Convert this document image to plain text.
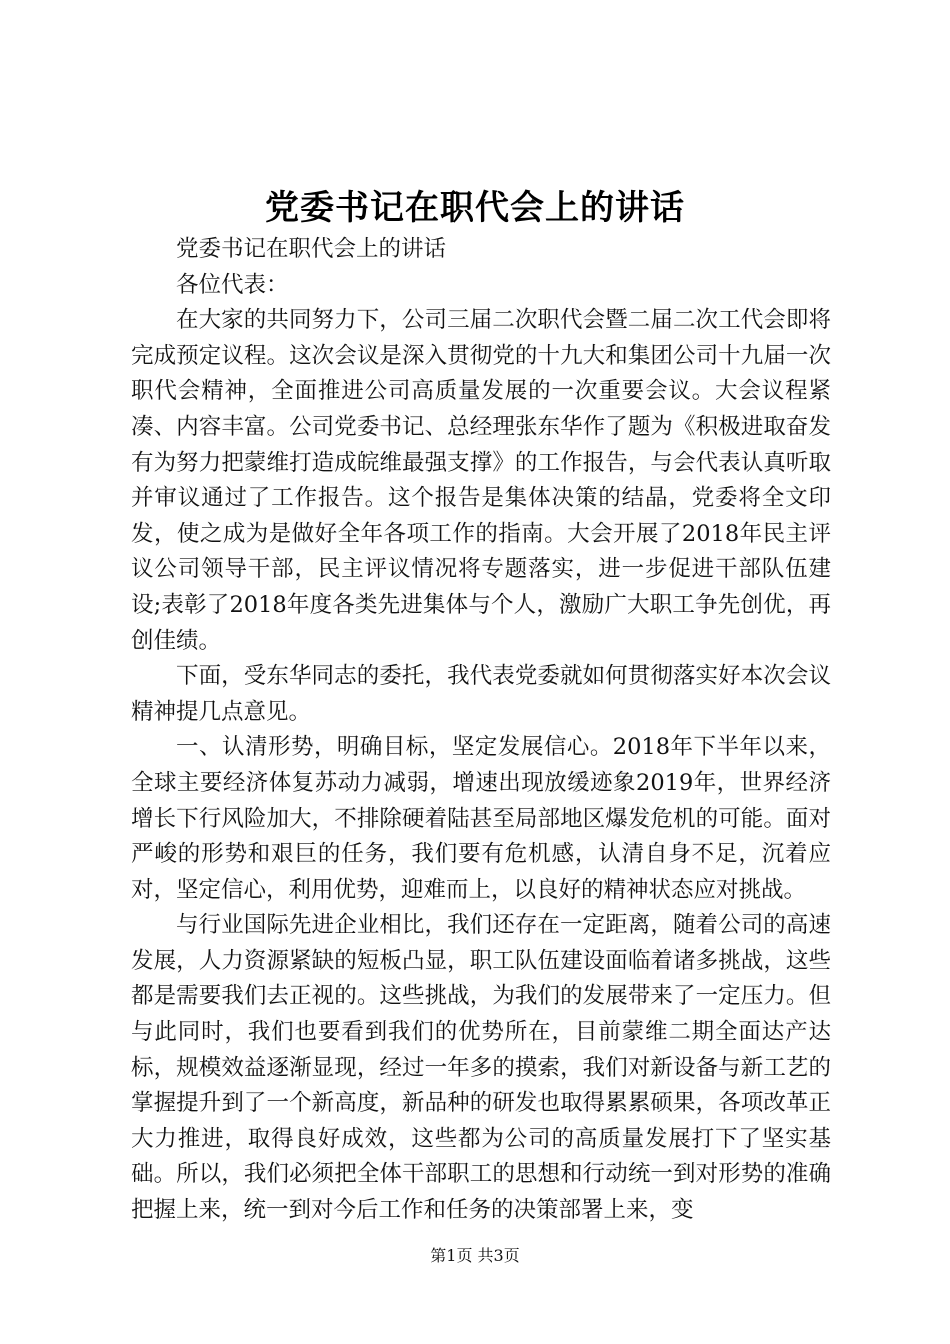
党委书记在职代会上的讲话

党委书记在职代会上的讲话

各位代表：

在大家的共同努力下，公司三届二次职代会暨二届二次工代会即将完成预定议程。这次会议是深入贯彻党的十九大和集团公司十九届一次职代会精神，全面推进公司高质量发展的一次重要会议。大会议程紧凑、内容丰富。公司党委书记、总经理张东华作了题为《积极进取奋发有为努力把蒙维打造成皖维最强支撑》的工作报告，与会代表认真听取并审议通过了工作报告。这个报告是集体决策的结晶，党委将全文印发，使之成为是做好全年各项工作的指南。大会开展了2018年民主评议公司领导干部，民主评议情况将专题落实，进一步促进干部队伍建设;表彰了2018年度各类先进集体与个人，激励广大职工争先创优，再创佳绩。

下面，受东华同志的委托，我代表党委就如何贯彻落实好本次会议精神提几点意见。

一、认清形势，明确目标，坚定发展信心。2018年下半年以来，全球主要经济体复苏动力减弱，增速出现放缓迹象2019年，世界经济增长下行风险加大，不排除硬着陆甚至局部地区爆发危机的可能。面对严峻的形势和艰巨的任务，我们要有危机感，认清自身不足，沉着应对，坚定信心，利用优势，迎难而上，以良好的精神状态应对挑战。

与行业国际先进企业相比，我们还存在一定距离，随着公司的高速发展，人力资源紧缺的短板凸显，职工队伍建设面临着诸多挑战，这些都是需要我们去正视的。这些挑战，为我们的发展带来了一定压力。但与此同时，我们也要看到我们的优势所在，目前蒙维二期全面达产达标，规模效益逐渐显现，经过一年多的摸索，我们对新设备与新工艺的掌握提升到了一个新高度，新品种的研发也取得累累硕果，各项改革正大力推进，取得良好成效，这些都为公司的高质量发展打下了坚实基础。所以，我们必须把全体干部职工的思想和行动统一到对形势的准确把握上来，统一到对今后工作和任务的决策部署上来，变

第1页 共3页
